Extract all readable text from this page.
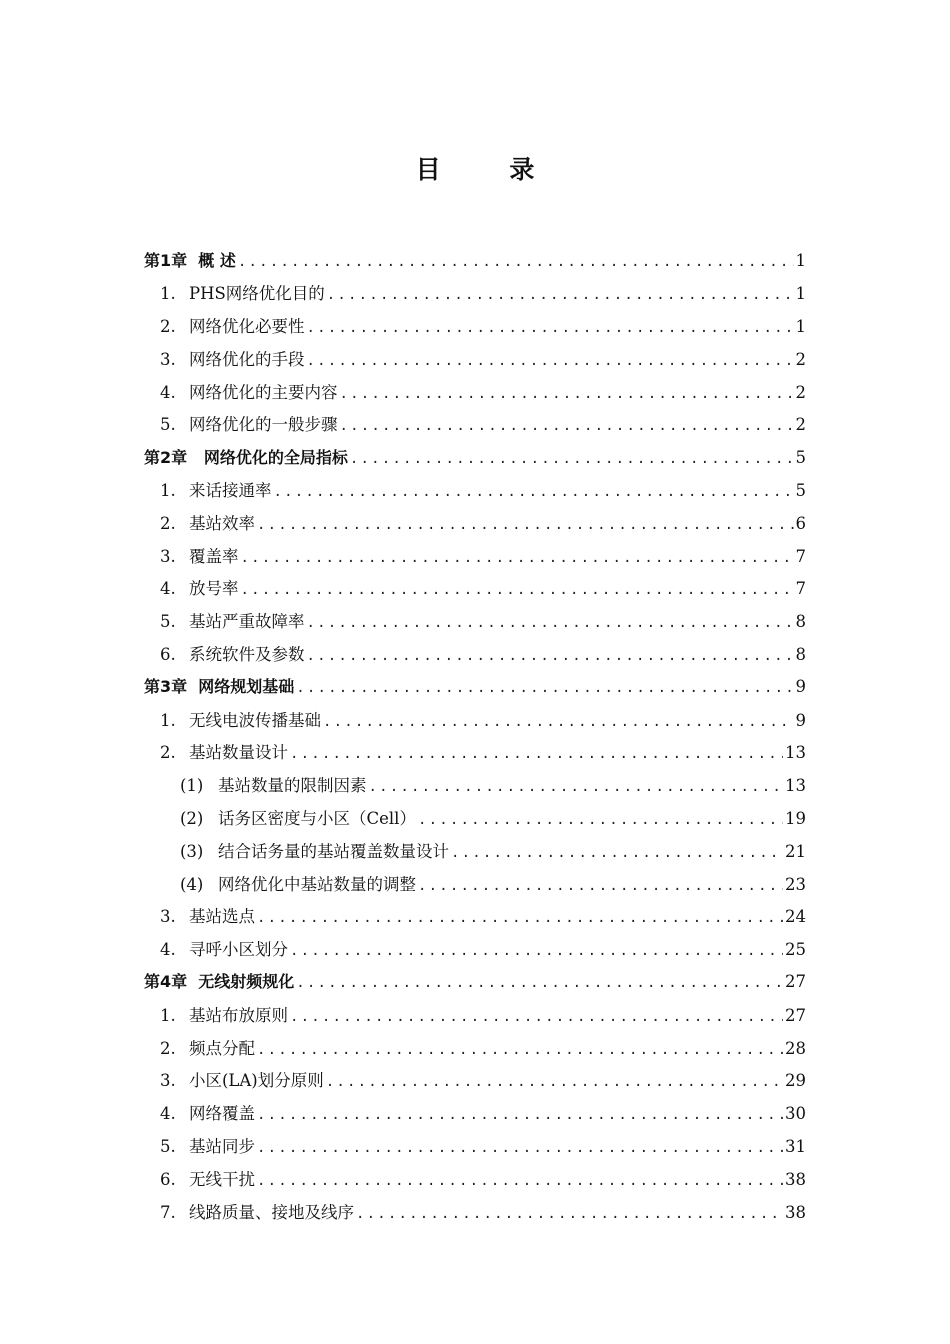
目 录
第1章 概 述 .....	1
1. PHS网络优化目的 .....	1
2. 网络优化必要性 .....	1
3. 网络优化的手段 .....	2
4. 网络优化的主要内容 .....	2
5. 网络优化的一般步骤 .....	2
第2章 网络优化的全局指标 .....	5
1. 来话接通率 .....	5
2. 基站效率 .....	6
3. 覆盖率 .....	7
4. 放号率 .....	7
5. 基站严重故障率 .....	8
6. 系统软件及参数 .....	8
第3章 网络规划基础 .....	9
1. 无线电波传播基础 .....	9
2. 基站数量设计 .....	13
(1) 基站数量的限制因素 .....	13
(2) 话务区密度与小区（Cell） .....	19
(3) 结合话务量的基站覆盖数量设计 .....	21
(4) 网络优化中基站数量的调整 .....	23
3. 基站选点 .....	24
4. 寻呼小区划分 .....	25
第4章 无线射频规化 .....	27
1. 基站布放原则 .....	27
2. 频点分配 .....	28
3. 小区(LA)划分原则 .....	29
4. 网络覆盖 .....	30
5. 基站同步 .....	31
6. 无线干扰 .....	38
7. 线路质量、接地及线序 .....	38
